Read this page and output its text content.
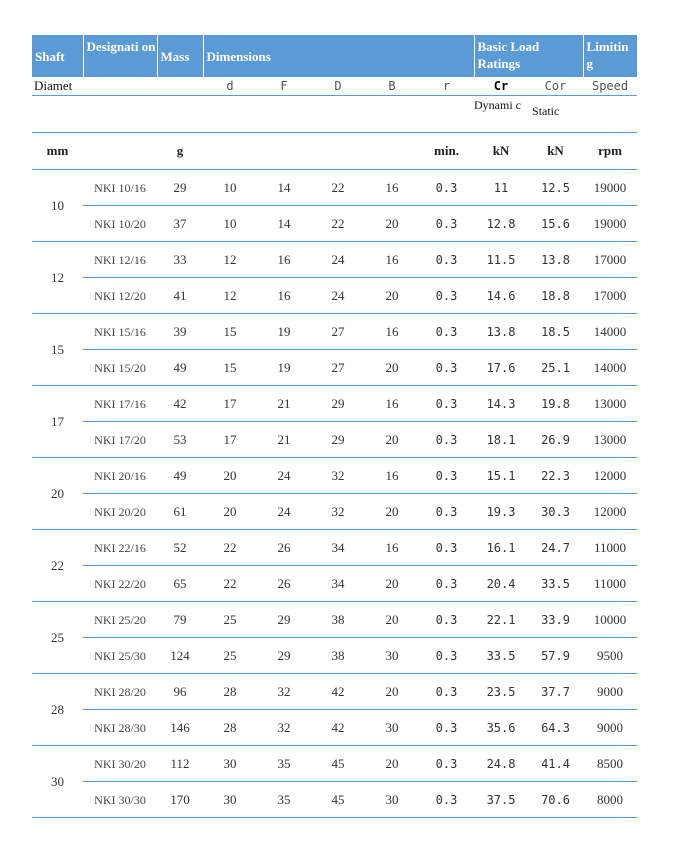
Shaft	Designati on	Mass	Dimensions					Basic Load Ratings		Limitin g
Diamet			d	F	D	B	r	Cr	Cor	Speed
								Dynami c	Static	
mm		g					min.	kN	kN	rpm
10	NKI 10/16	29	10	14	22	16	0.3	11	12.5	19000
	NKI 10/20	37	10	14	22	20	0.3	12.8	15.6	19000
12	NKI 12/16	33	12	16	24	16	0.3	11.5	13.8	17000
	NKI 12/20	41	12	16	24	20	0.3	14.6	18.8	17000
15	NKI 15/16	39	15	19	27	16	0.3	13.8	18.5	14000
	NKI 15/20	49	15	19	27	20	0.3	17.6	25.1	14000
17	NKI 17/16	42	17	21	29	16	0.3	14.3	19.8	13000
	NKI 17/20	53	17	21	29	20	0.3	18.1	26.9	13000
20	NKI 20/16	49	20	24	32	16	0.3	15.1	22.3	12000
	NKI 20/20	61	20	24	32	20	0.3	19.3	30.3	12000
22	NKI 22/16	52	22	26	34	16	0.3	16.1	24.7	11000
	NKI 22/20	65	22	26	34	20	0.3	20.4	33.5	11000
25	NKI 25/20	79	25	29	38	20	0.3	22.1	33.9	10000
	NKI 25/30	124	25	29	38	30	0.3	33.5	57.9	9500
28	NKI 28/20	96	28	32	42	20	0.3	23.5	37.7	9000
	NKI 28/30	146	28	32	42	30	0.3	35.6	64.3	9000
30	NKI 30/20	112	30	35	45	20	0.3	24.8	41.4	8500
	NKI 30/30	170	30	35	45	30	0.3	37.5	70.6	8000
